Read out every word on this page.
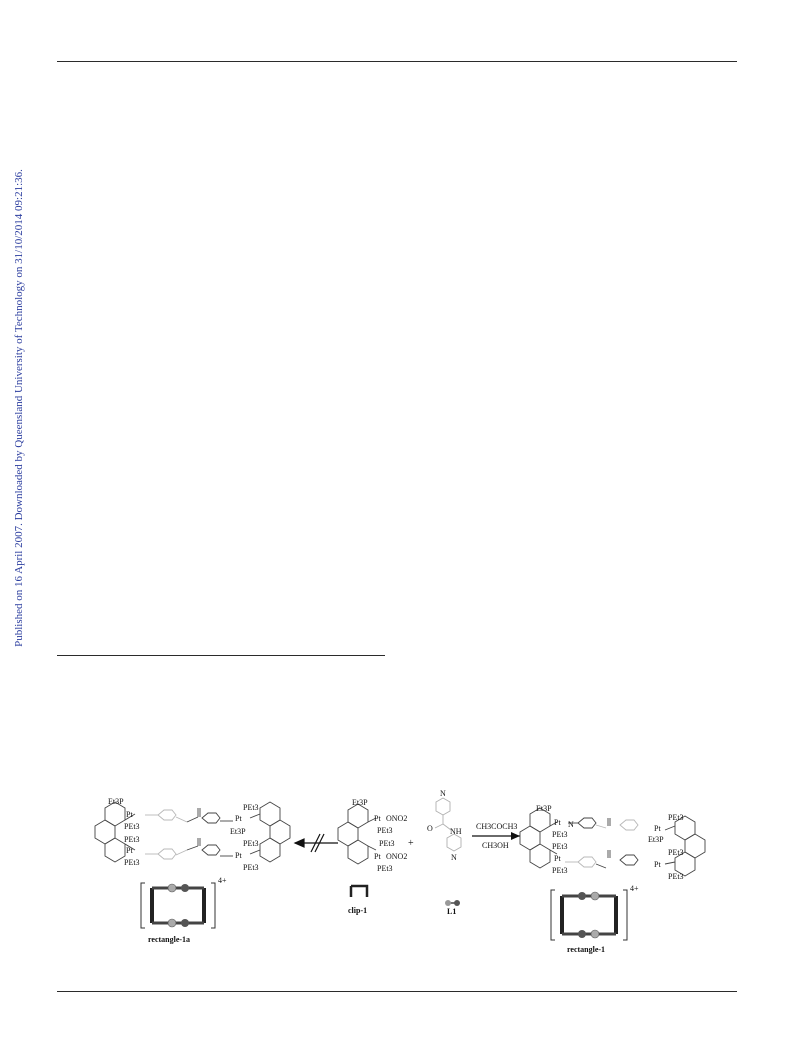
Published on 16 April 2007. Downloaded by Queensland University of Technology on 31/10/2014 09:21:36.
Et3P
Pt
PEt3
PEt3
Pt
PEt3
PEt3
Pt
Et3P
PEt3
Pt
PEt3
4+
rectangle-1a
Et3P
Pt ONO2
PEt3
PEt3
Pt ONO2
PEt3
clip-1
+
N
O NH
N
L1
CH3COCH3
CH3OH
Et3P
Pt N
PEt3
PEt3
Pt
PEt3
PEt3
Pt
Et3P
PEt3
Pt
PEt3
4+
rectangle-1
